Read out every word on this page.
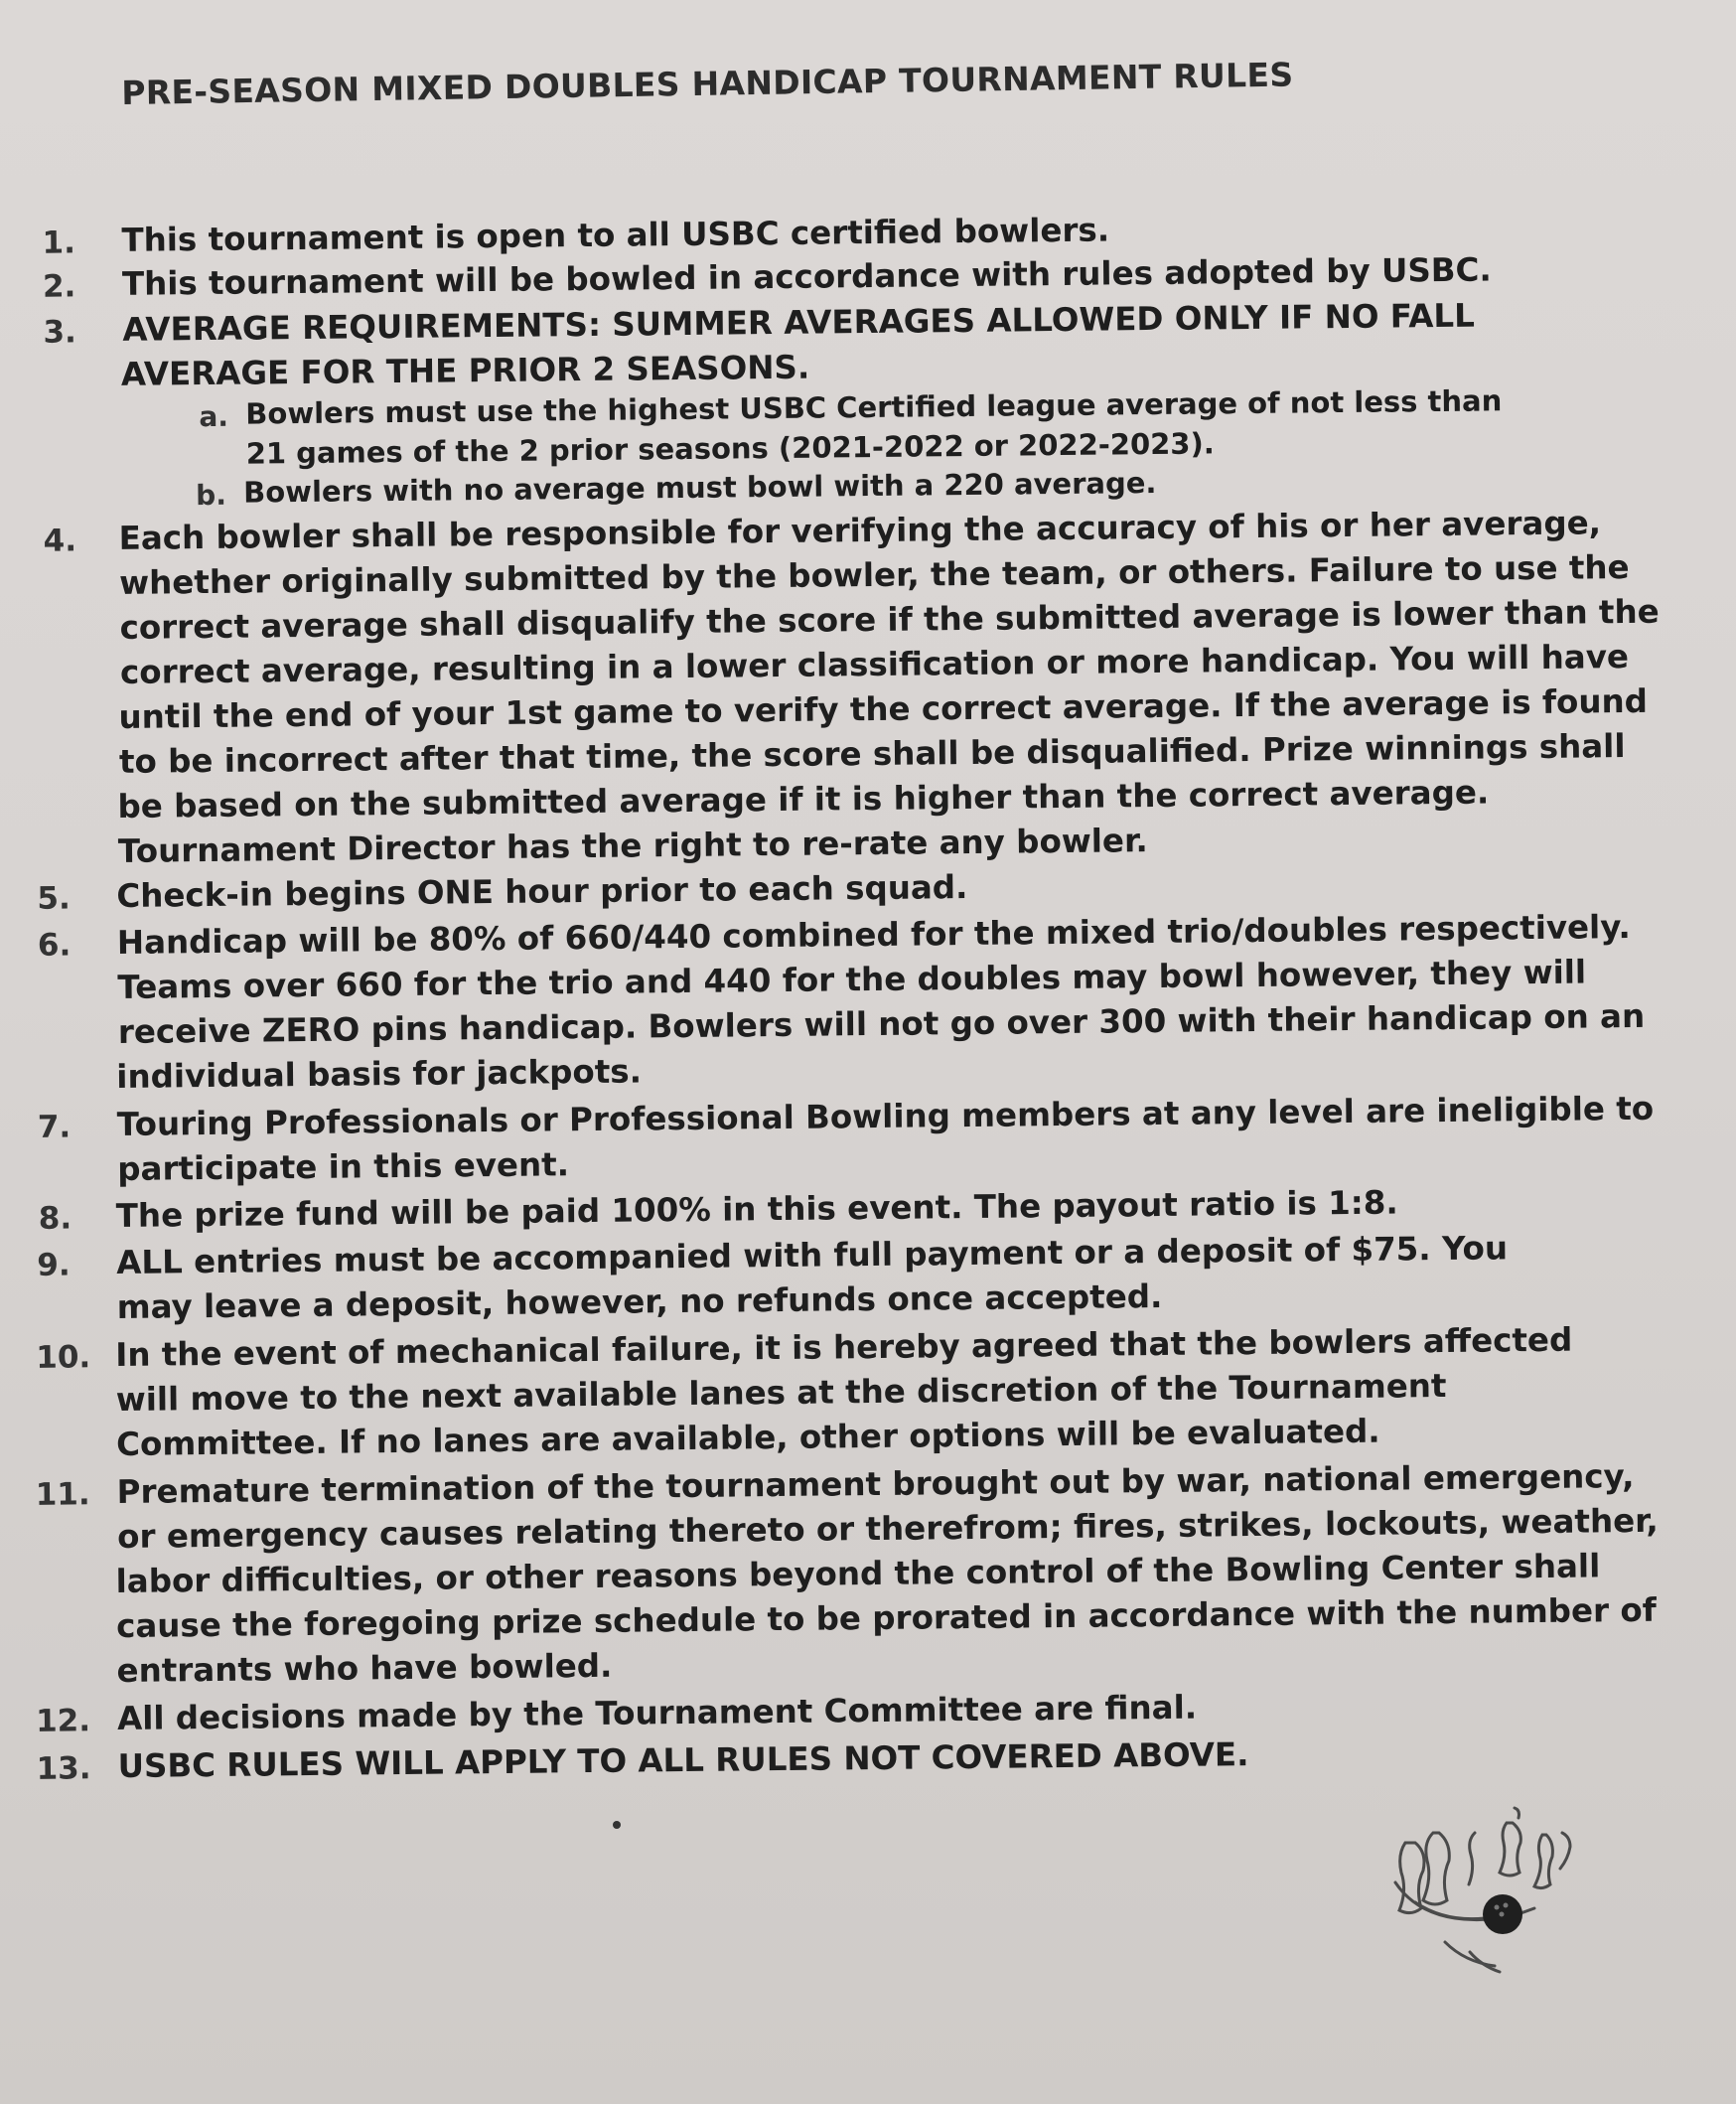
PRE-SEASON MIXED DOUBLES HANDICAP TOURNAMENT RULES
1. This tournament is open to all USBC certified bowlers.
2. This tournament will be bowled in accordance with rules adopted by USBC.
3. AVERAGE REQUIREMENTS: SUMMER AVERAGES ALLOWED ONLY IF NO FALL
AVERAGE FOR THE PRIOR 2 SEASONS.
a. Bowlers must use the highest USBC Certified league average of not less than
21 games of the 2 prior seasons (2021-2022 or 2022-2023).
b. Bowlers with no average must bowl with a 220 average.
4. Each bowler shall be responsible for verifying the accuracy of his or her average,
whether originally submitted by the bowler, the team, or others. Failure to use the
correct average shall disqualify the score if the submitted average is lower than the
correct average, resulting in a lower classification or more handicap. You will have
until the end of your 1st game to verify the correct average. If the average is found
to be incorrect after that time, the score shall be disqualified. Prize winnings shall
be based on the submitted average if it is higher than the correct average.
Tournament Director has the right to re-rate any bowler.
5. Check-in begins ONE hour prior to each squad.
6. Handicap will be 80% of 660/440 combined for the mixed trio/doubles respectively.
Teams over 660 for the trio and 440 for the doubles may bowl however, they will
receive ZERO pins handicap. Bowlers will not go over 300 with their handicap on an
individual basis for jackpots.
7. Touring Professionals or Professional Bowling members at any level are ineligible to
participate in this event.
8. The prize fund will be paid 100% in this event. The payout ratio is 1:8.
9. ALL entries must be accompanied with full payment or a deposit of $75. You
may leave a deposit, however, no refunds once accepted.
10. In the event of mechanical failure, it is hereby agreed that the bowlers affected
will move to the next available lanes at the discretion of the Tournament
Committee. If no lanes are available, other options will be evaluated.
11. Premature termination of the tournament brought out by war, national emergency,
or emergency causes relating thereto or therefrom; fires, strikes, lockouts, weather,
labor difficulties, or other reasons beyond the control of the Bowling Center shall
cause the foregoing prize schedule to be prorated in accordance with the number of
entrants who have bowled.
12. All decisions made by the Tournament Committee are final.
13. USBC RULES WILL APPLY TO ALL RULES NOT COVERED ABOVE.
